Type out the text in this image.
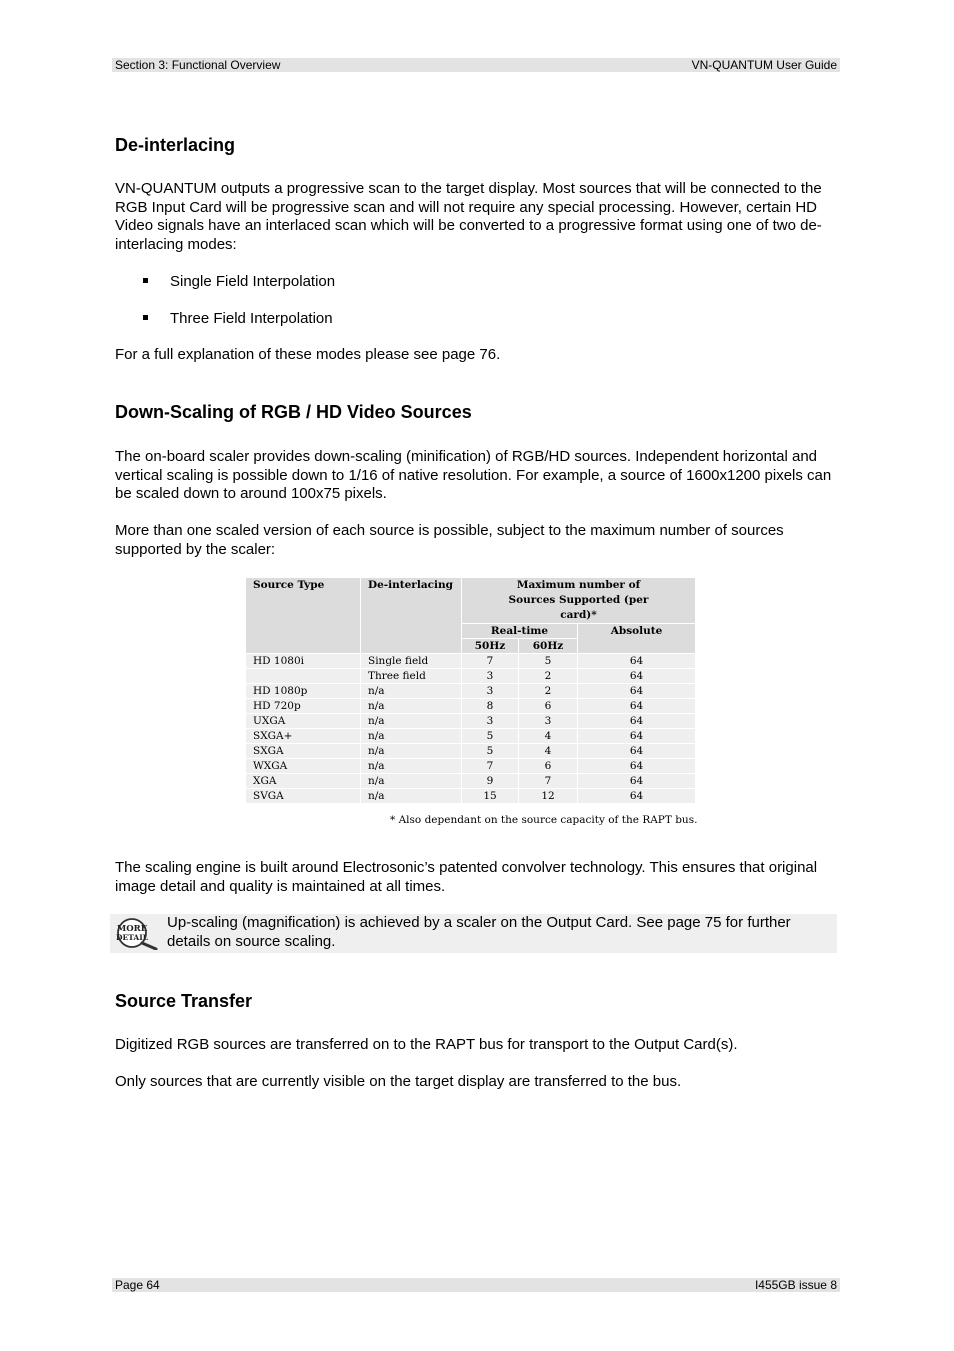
Section 3: Functional Overview	VN-QUANTUM User Guide
De-interlacing

VN-QUANTUM outputs a progressive scan to the target display. Most sources that will be connected to the RGB Input Card will be progressive scan and will not require any special processing. However, certain HD Video signals have an interlaced scan which will be converted to a progressive format using one of two de-interlacing modes:

Single Field Interpolation
Three Field Interpolation

For a full explanation of these modes please see page 76.

Down-Scaling of RGB / HD Video Sources

The on-board scaler provides down-scaling (minification) of RGB/HD sources. Independent horizontal and vertical scaling is possible down to 1/16 of native resolution. For example, a source of 1600x1200 pixels can be scaled down to around 100x75 pixels.

More than one scaled version of each source is possible, subject to the maximum number of sources supported by the scaler:

Source Type	De-interlacing	Maximum number of Sources Supported (per card)*		
		Real-time		Absolute
		50Hz	60Hz	
HD 1080i	Single field	7	5	64
	Three field	3	2	64
HD 1080p	n/a	3	2	64
HD 720p	n/a	8	6	64
UXGA	n/a	3	3	64
SXGA+	n/a	5	4	64
SXGA	n/a	5	4	64
WXGA	n/a	7	6	64
XGA	n/a	9	7	64
SVGA	n/a	15	12	64
* Also dependant on the source capacity of the RAPT bus.

The scaling engine is built around Electrosonic’s patented convolver technology. This ensures that original image detail and quality is maintained at all times.

MORE
DETAIL
Up-scaling (magnification) is achieved by a scaler on the Output Card. See page 75 for further details on source scaling.
Source Transfer

Digitized RGB sources are transferred on to the RAPT bus for transport to the Output Card(s).

Only sources that are currently visible on the target display are transferred to the bus.

Page 64	I455GB issue 8
